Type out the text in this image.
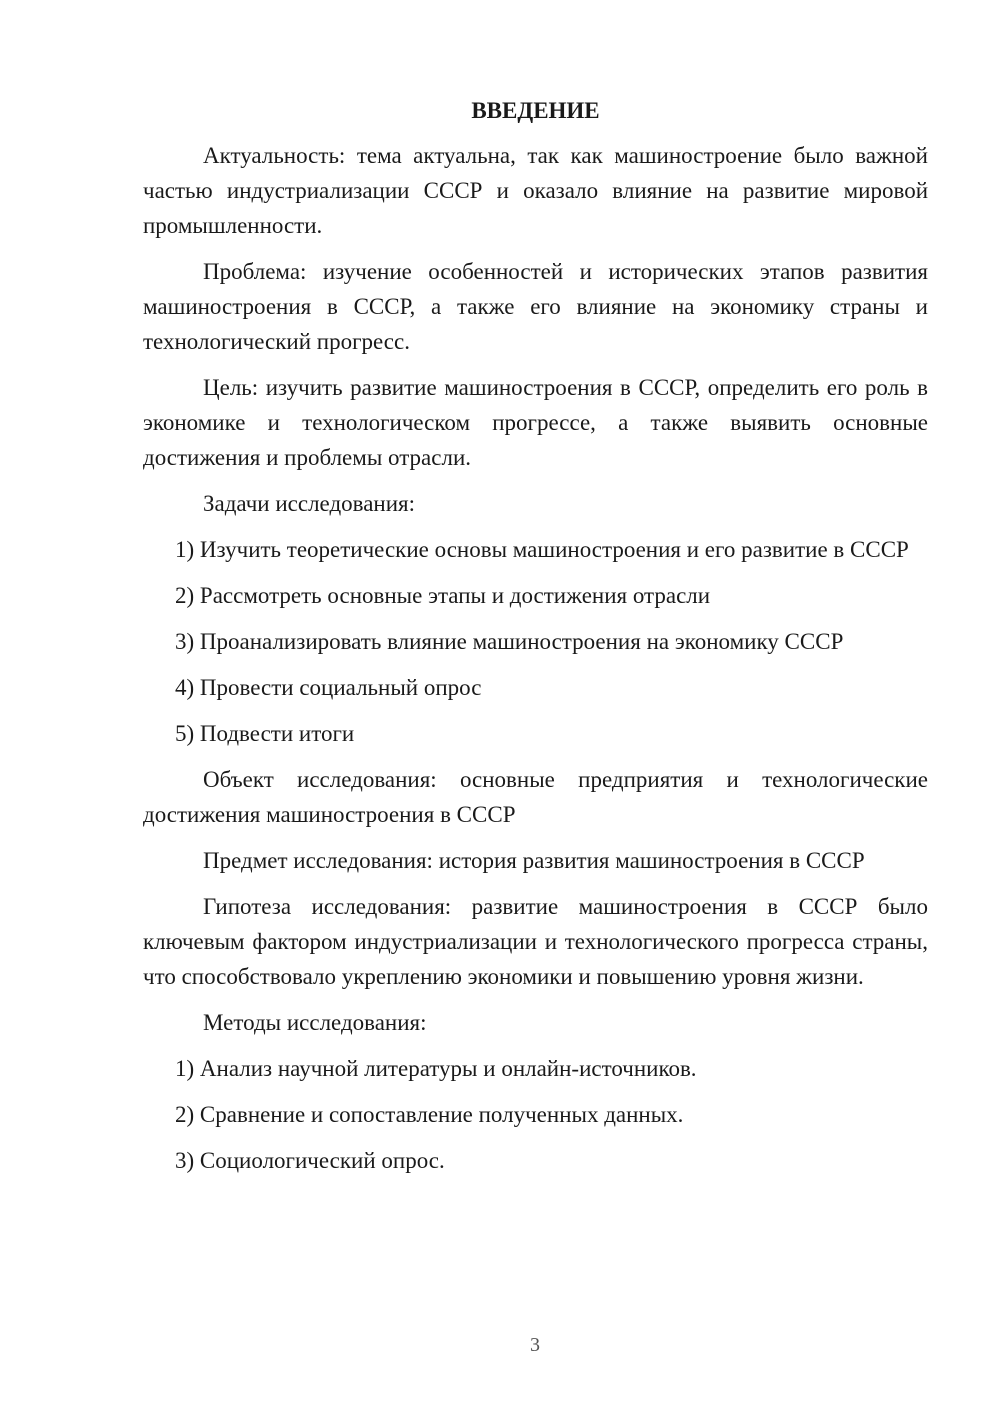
ВВЕДЕНИЕ

Актуальность: тема актуальна, так как машиностроение было важной частью индустриализации СССР и оказало влияние на развитие мировой промышленности.

Проблема: изучение особенностей и исторических этапов развития машиностроения в СССР, а также его влияние на экономику страны и технологический прогресс.

Цель: изучить развитие машиностроения в СССР, определить его роль в экономике и технологическом прогрессе, а также выявить основные достижения и проблемы отрасли.

Задачи исследования:

1) Изучить теоретические основы машиностроения и его развитие в СССР

2) Рассмотреть основные этапы и достижения отрасли

3) Проанализировать влияние машиностроения на экономику СССР

4) Провести социальный опрос

5) Подвести итоги

Объект исследования: основные предприятия и технологические достижения машиностроения в СССР

Предмет исследования: история развития машиностроения в СССР

Гипотеза исследования: развитие машиностроения в СССР было ключевым фактором индустриализации и технологического прогресса страны, что способствовало укреплению экономики и повышению уровня жизни.

Методы исследования:

1) Анализ научной литературы и онлайн-источников.

2) Сравнение и сопоставление полученных данных.

3) Социологический опрос.

3
